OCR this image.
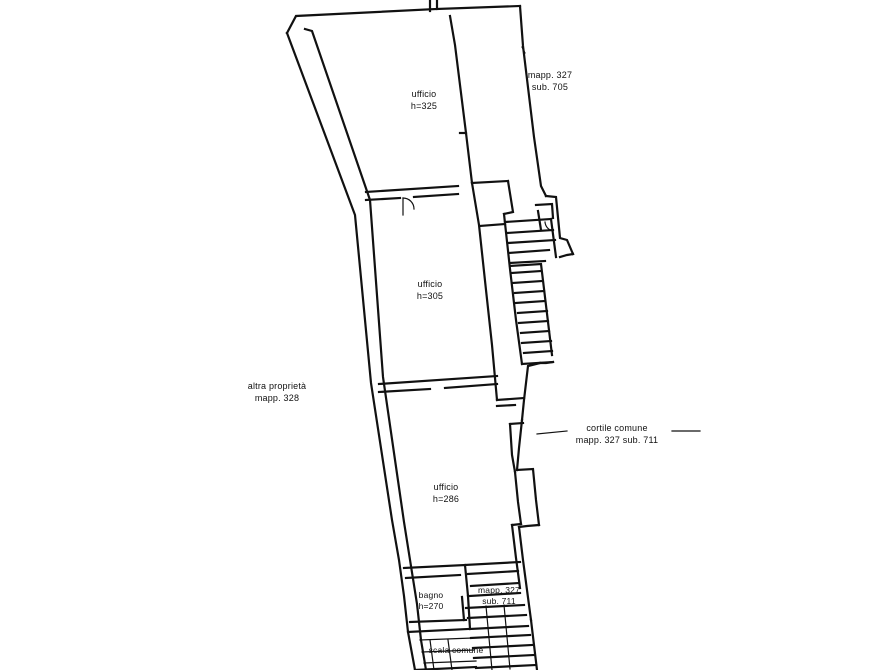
ufficio
h=325
mapp. 327
sub. 705
ufficio
h=305
altra proprietà
mapp. 328
cortile comune
mapp. 327 sub. 711
ufficio
h=286
bagno
h=270
mapp. 327
sub. 711
scala comune
